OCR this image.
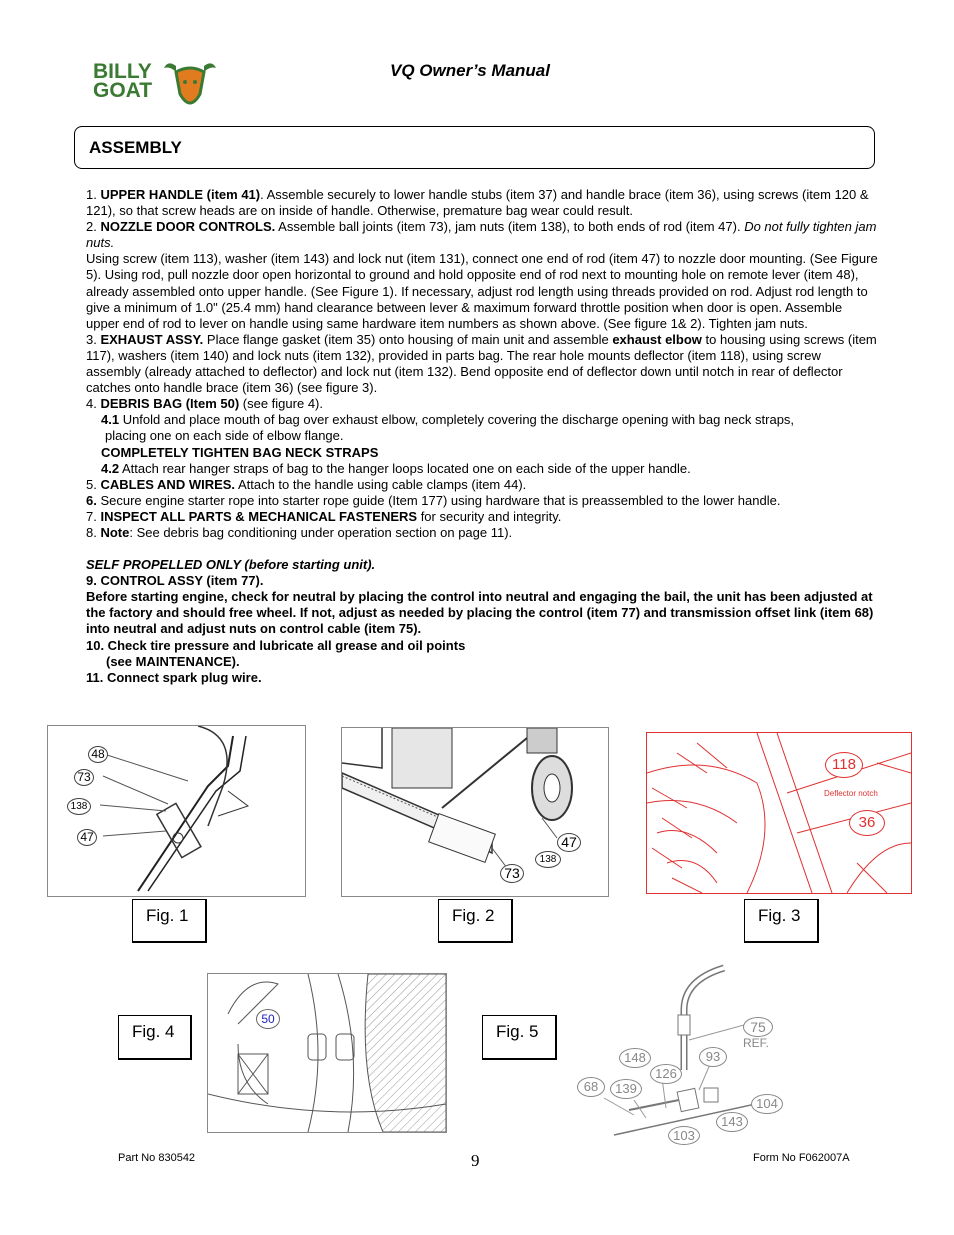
BILLY
GOAT
VQ Owner’s Manual
ASSEMBLY

1. UPPER HANDLE (item 41). Assemble securely to lower handle stubs (item 37) and handle brace (item 36), using screws (item 120 & 121), so that screw heads are on inside of handle. Otherwise, premature bag wear could result.

2. NOZZLE DOOR CONTROLS. Assemble ball joints (item 73), jam nuts (item 138), to both ends of rod (item 47). Do not fully tighten jam nuts.

Using screw (item 113), washer (item 143) and lock nut (item 131), connect one end of rod (item 47) to nozzle door mounting. (See Figure 5). Using rod, pull nozzle door open horizontal to ground and hold opposite end of rod next to mounting hole on remote lever (item 48), already assembled onto upper handle. (See Figure 1). If necessary, adjust rod length using threads provided on rod. Adjust rod length to give a minimum of 1.0" (25.4 mm) hand clearance between lever & maximum forward throttle position when door is open. Assemble upper end of rod to lever on handle using same hardware item numbers as shown above. (See figure 1& 2). Tighten jam nuts.

3. EXHAUST ASSY. Place flange gasket (item 35) onto housing of main unit and assemble exhaust elbow to housing using screws (item 117), washers (item 140) and lock nuts (item 132), provided in parts bag. The rear hole mounts deflector (item 118), using screw assembly (already attached to deflector) and lock nut (item 132). Bend opposite end of deflector down until notch in rear of deflector catches onto handle brace (item 36) (see figure 3).

4. DEBRIS BAG (Item 50) (see figure 4).

4.1 Unfold and place mouth of bag over exhaust elbow, completely covering the discharge opening with bag neck straps,

placing one on each side of elbow flange.

COMPLETELY TIGHTEN BAG NECK STRAPS

4.2 Attach rear hanger straps of bag to the hanger loops located one on each side of the upper handle.

5. CABLES AND WIRES. Attach to the handle using cable clamps (item 44).

6. Secure engine starter rope into starter rope guide (Item 177) using hardware that is preassembled to the lower handle.

7. INSPECT ALL PARTS & MECHANICAL FASTENERS for security and integrity.

8. Note: See debris bag conditioning under operation section on page 11).

SELF PROPELLED ONLY (before starting unit).

9. CONTROL ASSY (item 77).

Before starting engine, check for neutral by placing the control into neutral and engaging the bail, the unit has been adjusted at the factory and should free wheel. If not, adjust as needed by placing the control (item 77) and transmission offset link (item 68) into neutral and adjust nuts on control cable (item 75).

10. Check tire pressure and lubricate all grease and oil points

(see MAINTENANCE).

11. Connect spark plug wire.

48
73
138
47
Fig. 1
47
138
73
Fig. 2
118
Deflector notch
36
Fig. 3
50
Fig. 4	75
REF.
148	93
126
68	139
104
143
103
Fig. 5
Part No 830542	9	Form No F062007A
